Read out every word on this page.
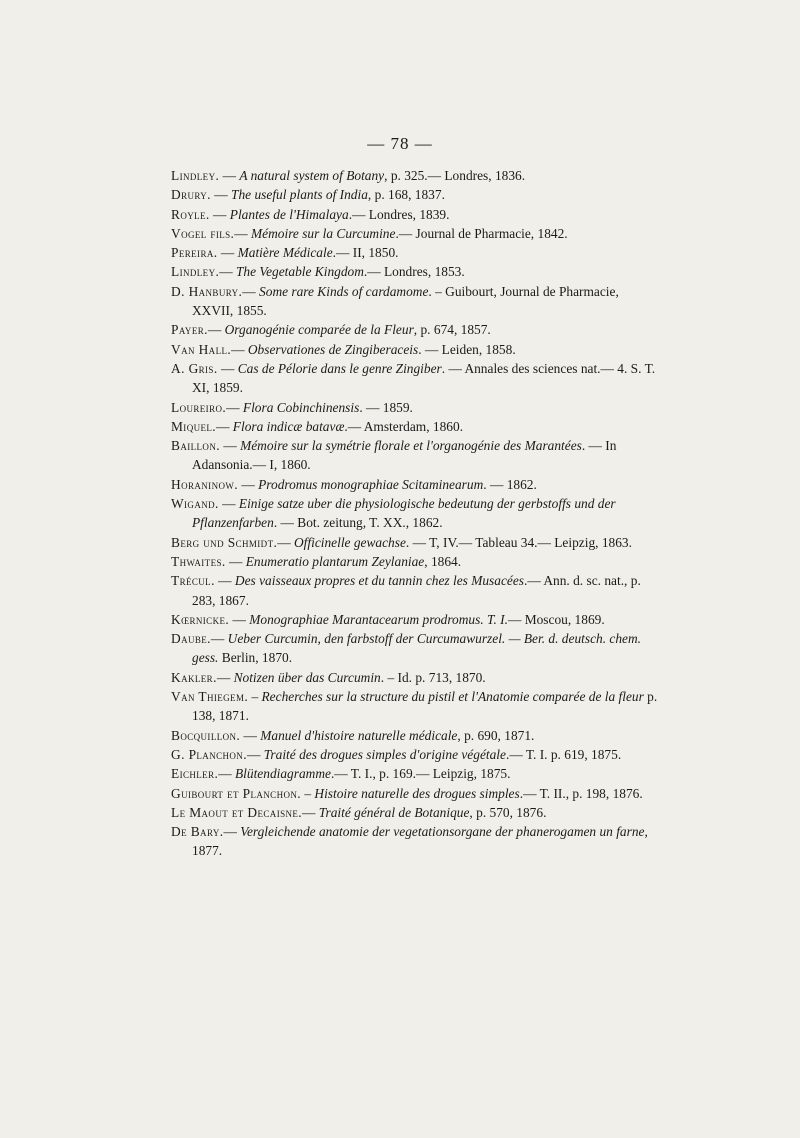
— 78 —
Lindley. — A natural system of Botany, p. 325.— Londres, 1836.
Drury. — The useful plants of India, p. 168, 1837.
Royle. — Plantes de l'Himalaya.— Londres, 1839.
Vogel fils.— Mémoire sur la Curcumine.— Journal de Pharmacie, 1842.
Pereira. — Matière Médicale.— II, 1850.
Lindley.— The Vegetable Kingdom.— Londres, 1853.
D. Hanbury.— Some rare Kinds of cardamome. – Guibourt, Journal de Pharmacie, XXVII, 1855.
Payer.— Organogénie comparée de la Fleur, p. 674, 1857.
Van Hall.— Observationes de Zingiberaceis. — Leiden, 1858.
A. Gris. — Cas de Pélorie dans le genre Zingiber. — Annales des sciences nat.— 4. S. T. XI, 1859.
Loureiro.— Flora Cobinchinensis. — 1859.
Miquel.— Flora indicæ batavæ.— Amsterdam, 1860.
Baillon. — Mémoire sur la symétrie florale et l'organogénie des Marantées. — In Adansonia.— I, 1860.
Horaninow. — Prodromus monographiae Scitaminearum. — 1862.
Wigand. — Einige satze uber die physiologische bedeutung der gerbstoffs und der Pflanzenfarben. — Bot. zeitung, T. XX., 1862.
Berg und Schmidt.— Officinelle gewachse. — T, IV.— Tableau 34.— Leipzig, 1863.
Thwaites. — Enumeratio plantarum Zeylaniae, 1864.
Trécul. — Des vaisseaux propres et du tannin chez les Musacées.— Ann. d. sc. nat., p. 283, 1867.
Kœrnicke. — Monographiae Marantacearum prodromus. T. I.— Moscou, 1869.
Daube.— Ueber Curcumin, den farbstoff der Curcumawurzel. — Ber. d. deutsch. chem. gess. Berlin, 1870.
Kakler.— Notizen über das Curcumin. – Id. p. 713, 1870.
Van Thiegem. – Recherches sur la structure du pistil et l'Anatomie comparée de la fleur p. 138, 1871.
Bocquillon. — Manuel d'histoire naturelle médicale, p. 690, 1871.
G. Planchon.— Traité des drogues simples d'origine végétale.— T. I. p. 619, 1875.
Eichler.— Blütendiagramme.— T. I., p. 169.— Leipzig, 1875.
Guibourt et Planchon. – Histoire naturelle des drogues simples.— T. II., p. 198, 1876.
Le Maout et Decaisne.— Traité général de Botanique, p. 570, 1876.
De Bary.— Vergleichende anatomie der vegetationsorgane der phanerogamen un farne, 1877.
